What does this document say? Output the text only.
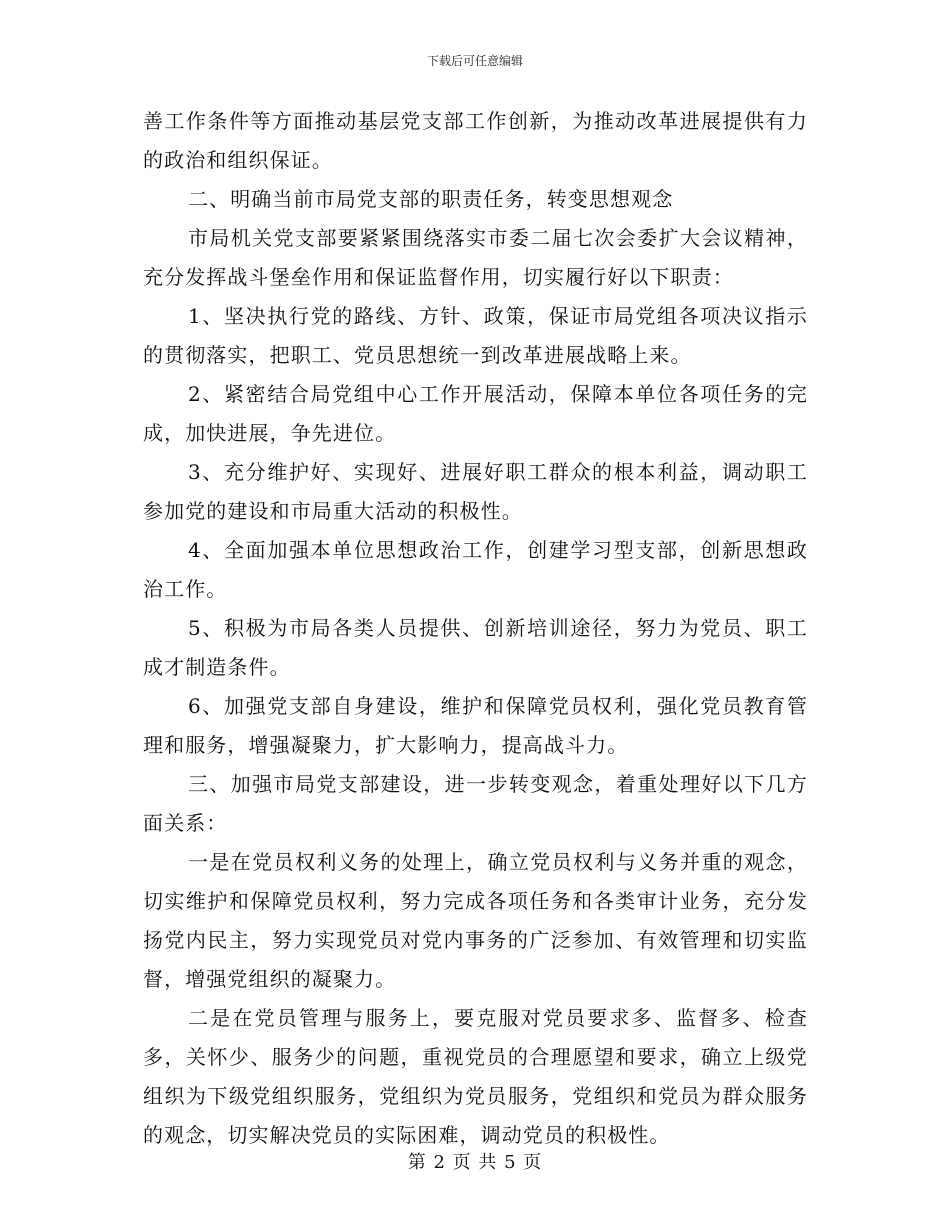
下载后可任意编辑

善工作条件等方面推动基层党支部工作创新，为推动改革进展提供有力的政治和组织保证。

二、明确当前市局党支部的职责任务，转变思想观念

市局机关党支部要紧紧围绕落实市委二届七次会委扩大会议精神，充分发挥战斗堡垒作用和保证监督作用，切实履行好以下职责：

1、坚决执行党的路线、方针、政策，保证市局党组各项决议指示的贯彻落实，把职工、党员思想统一到改革进展战略上来。

2、紧密结合局党组中心工作开展活动，保障本单位各项任务的完成，加快进展，争先进位。

3、充分维护好、实现好、进展好职工群众的根本利益，调动职工参加党的建设和市局重大活动的积极性。

4、全面加强本单位思想政治工作，创建学习型支部，创新思想政治工作。

5、积极为市局各类人员提供、创新培训途径，努力为党员、职工成才制造条件。

6、加强党支部自身建设，维护和保障党员权利，强化党员教育管理和服务，增强凝聚力，扩大影响力，提高战斗力。

三、加强市局党支部建设，进一步转变观念，着重处理好以下几方面关系：

一是在党员权利义务的处理上，确立党员权利与义务并重的观念，切实维护和保障党员权利，努力完成各项任务和各类审计业务，充分发扬党内民主，努力实现党员对党内事务的广泛参加、有效管理和切实监督，增强党组织的凝聚力。

二是在党员管理与服务上，要克服对党员要求多、监督多、检查多，关怀少、服务少的问题，重视党员的合理愿望和要求，确立上级党组织为下级党组织服务，党组织为党员服务，党组织和党员为群众服务的观念，切实解决党员的实际困难，调动党员的积极性。

第 2 页 共 5 页
